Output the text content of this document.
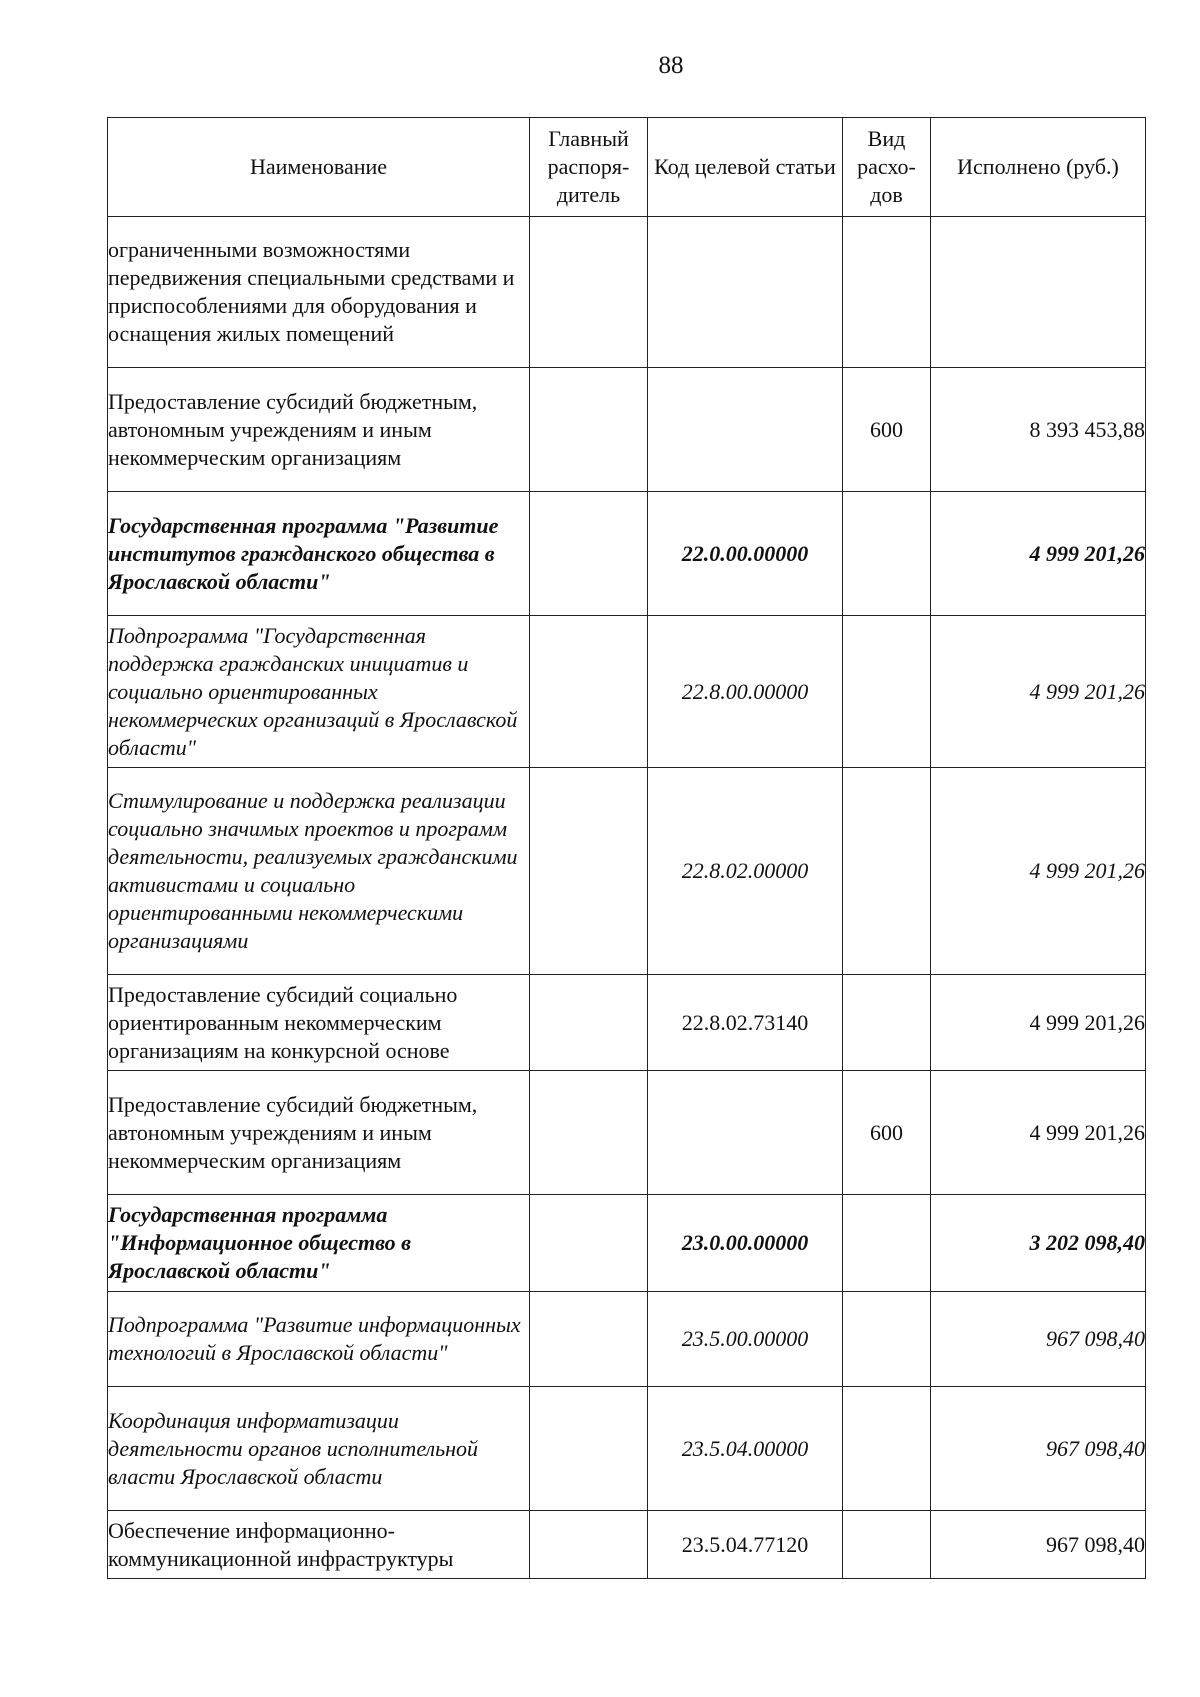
88
Наименование	Главный распоря-дитель	Код целевой статьи	Вид расхо-дов	Исполнено (руб.)
ограниченными возможностями передвижения специальными средствами и приспособлениями для оборудования и оснащения жилых помещений				
Предоставление субсидий бюджетным, автономным учреждениям и иным некоммерческим организациям			600	8 393 453,88
Государственная программа "Развитие институтов гражданского общества в Ярославской области"		22.0.00.00000		4 999 201,26
Подпрограмма "Государственная поддержка гражданских инициатив и социально ориентированных некоммерческих организаций в Ярославской области"		22.8.00.00000		4 999 201,26
Стимулирование и поддержка реализации социально значимых проектов и программ деятельности, реализуемых гражданскими активистами и социально ориентированными некоммерческими организациями		22.8.02.00000		4 999 201,26
Предоставление субсидий социально ориентированным некоммерческим организациям на конкурсной основе		22.8.02.73140		4 999 201,26
Предоставление субсидий бюджетным, автономным учреждениям и иным некоммерческим организациям			600	4 999 201,26
Государственная программа "Информационное общество в Ярославской области"		23.0.00.00000		3 202 098,40
Подпрограмма "Развитие информационных технологий в Ярославской области"		23.5.00.00000		967 098,40
Координация информатизации деятельности органов исполнительной власти Ярославской области		23.5.04.00000		967 098,40
Обеспечение информационно-коммуникационной инфраструктуры		23.5.04.77120		967 098,40
